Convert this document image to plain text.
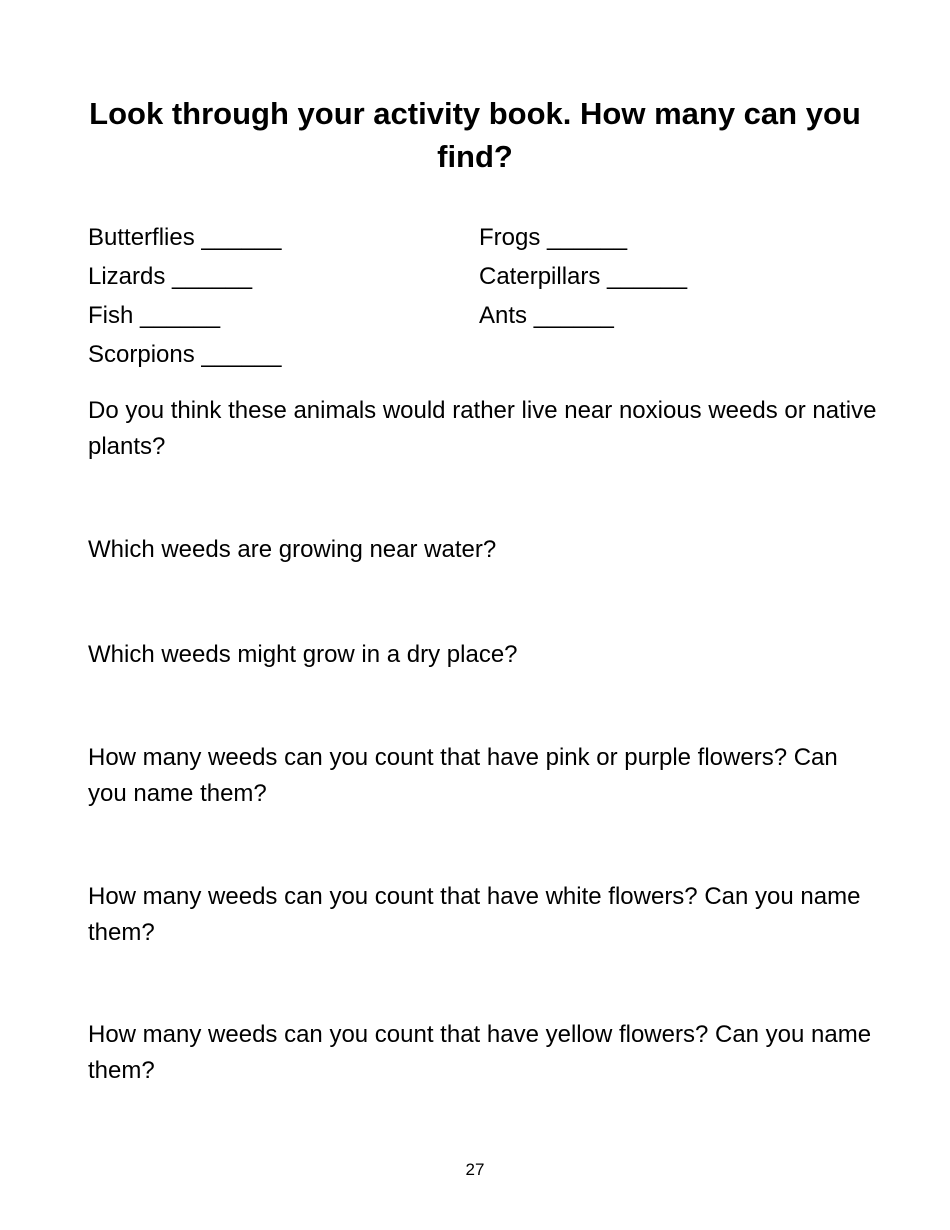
Look through your activity book. How many can you find?
Butterflies ______
Lizards ______
Fish ______
Scorpions ______
Frogs ______
Caterpillars ______
Ants ______
Do you think these animals would rather live near noxious weeds or native plants?
Which weeds are growing near water?
Which weeds might grow in a dry place?
How many weeds can you count that have pink or purple flowers? Can you name them?
How many weeds can you count that have white flowers? Can you name them?
How many weeds can you count that have yellow flowers? Can you name them?
27
